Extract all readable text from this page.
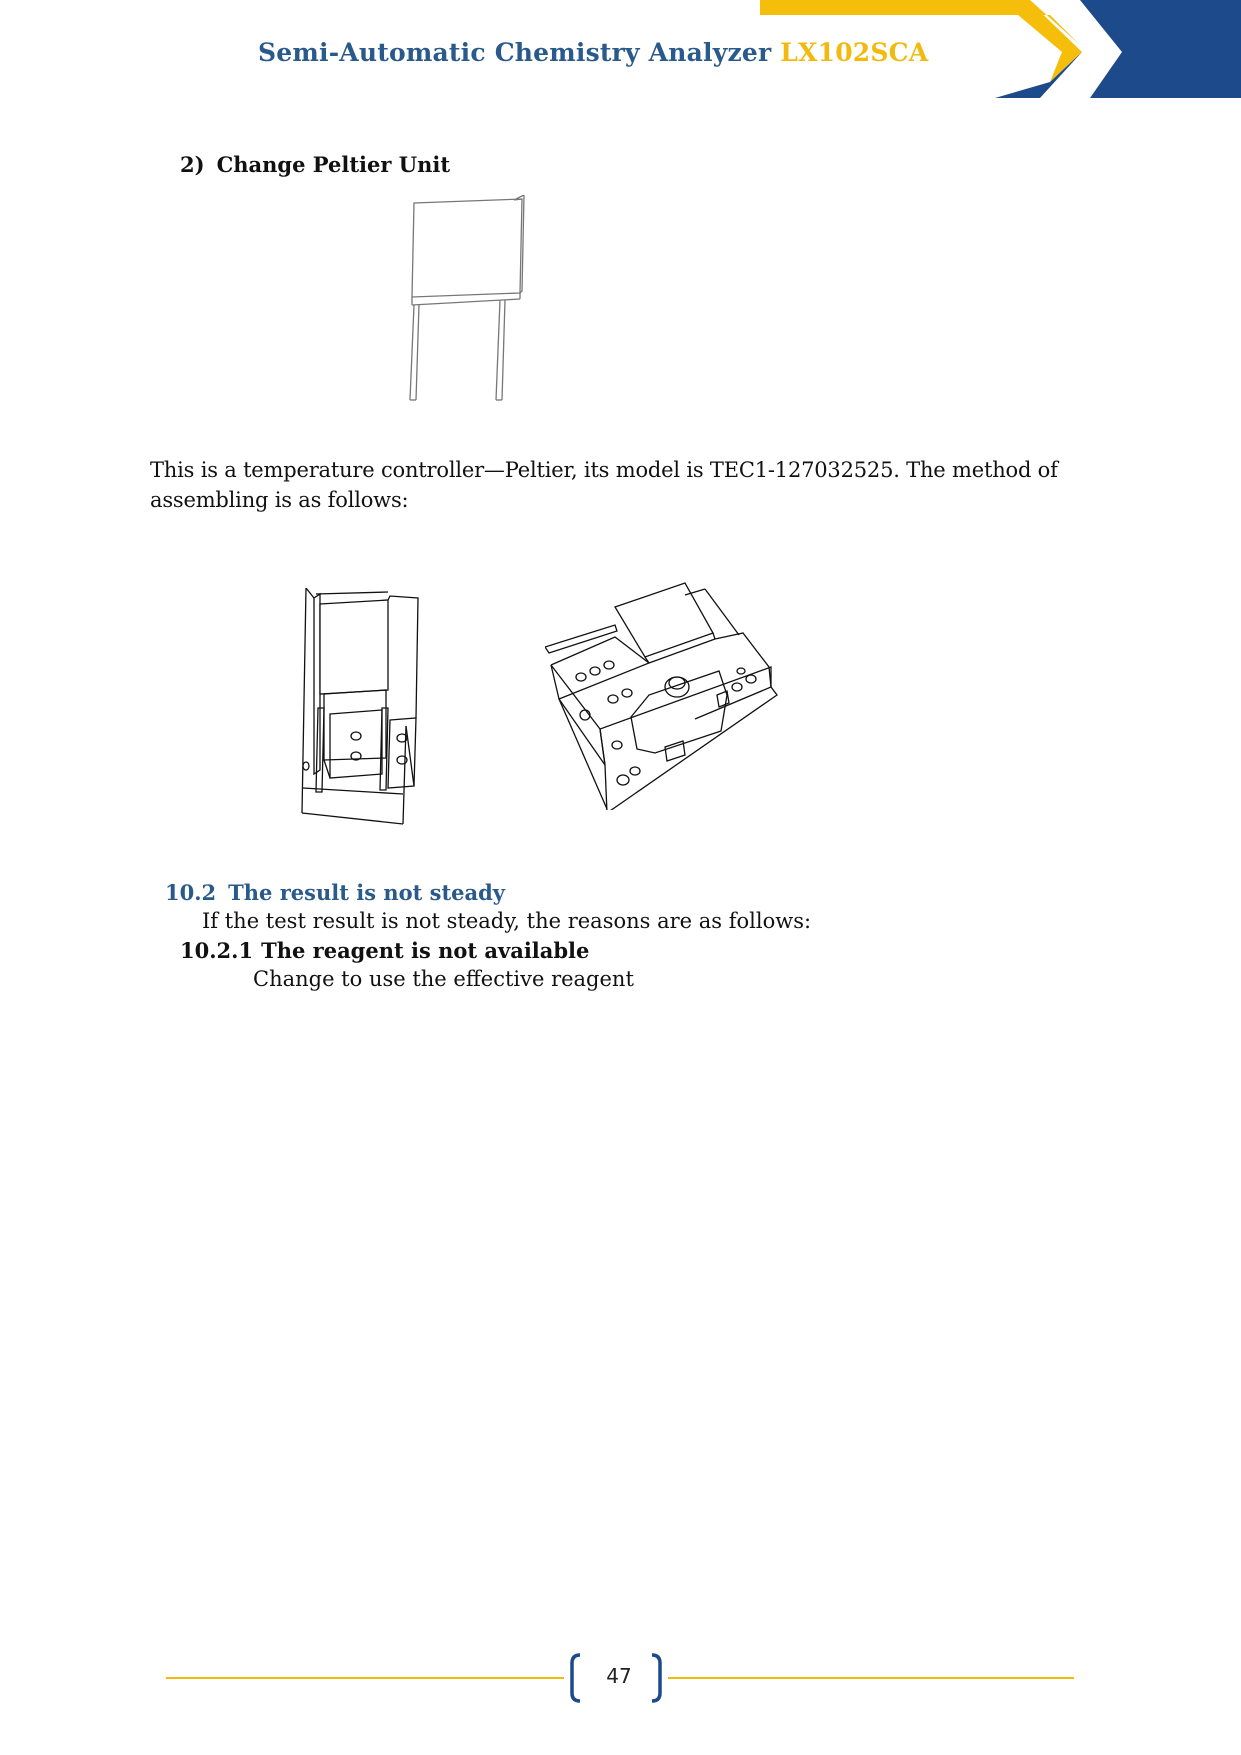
Semi-Automatic Chemistry Analyzer LX102SCA
2) Change Peltier Unit
This is a temperature controller—Peltier, its model is TEC1-127032525. The method of assembling is as follows:
10.2 The result is not steady
If the test result is not steady, the reasons are as follows:
10.2.1 The reagent is not available
Change to use the effective reagent
47
